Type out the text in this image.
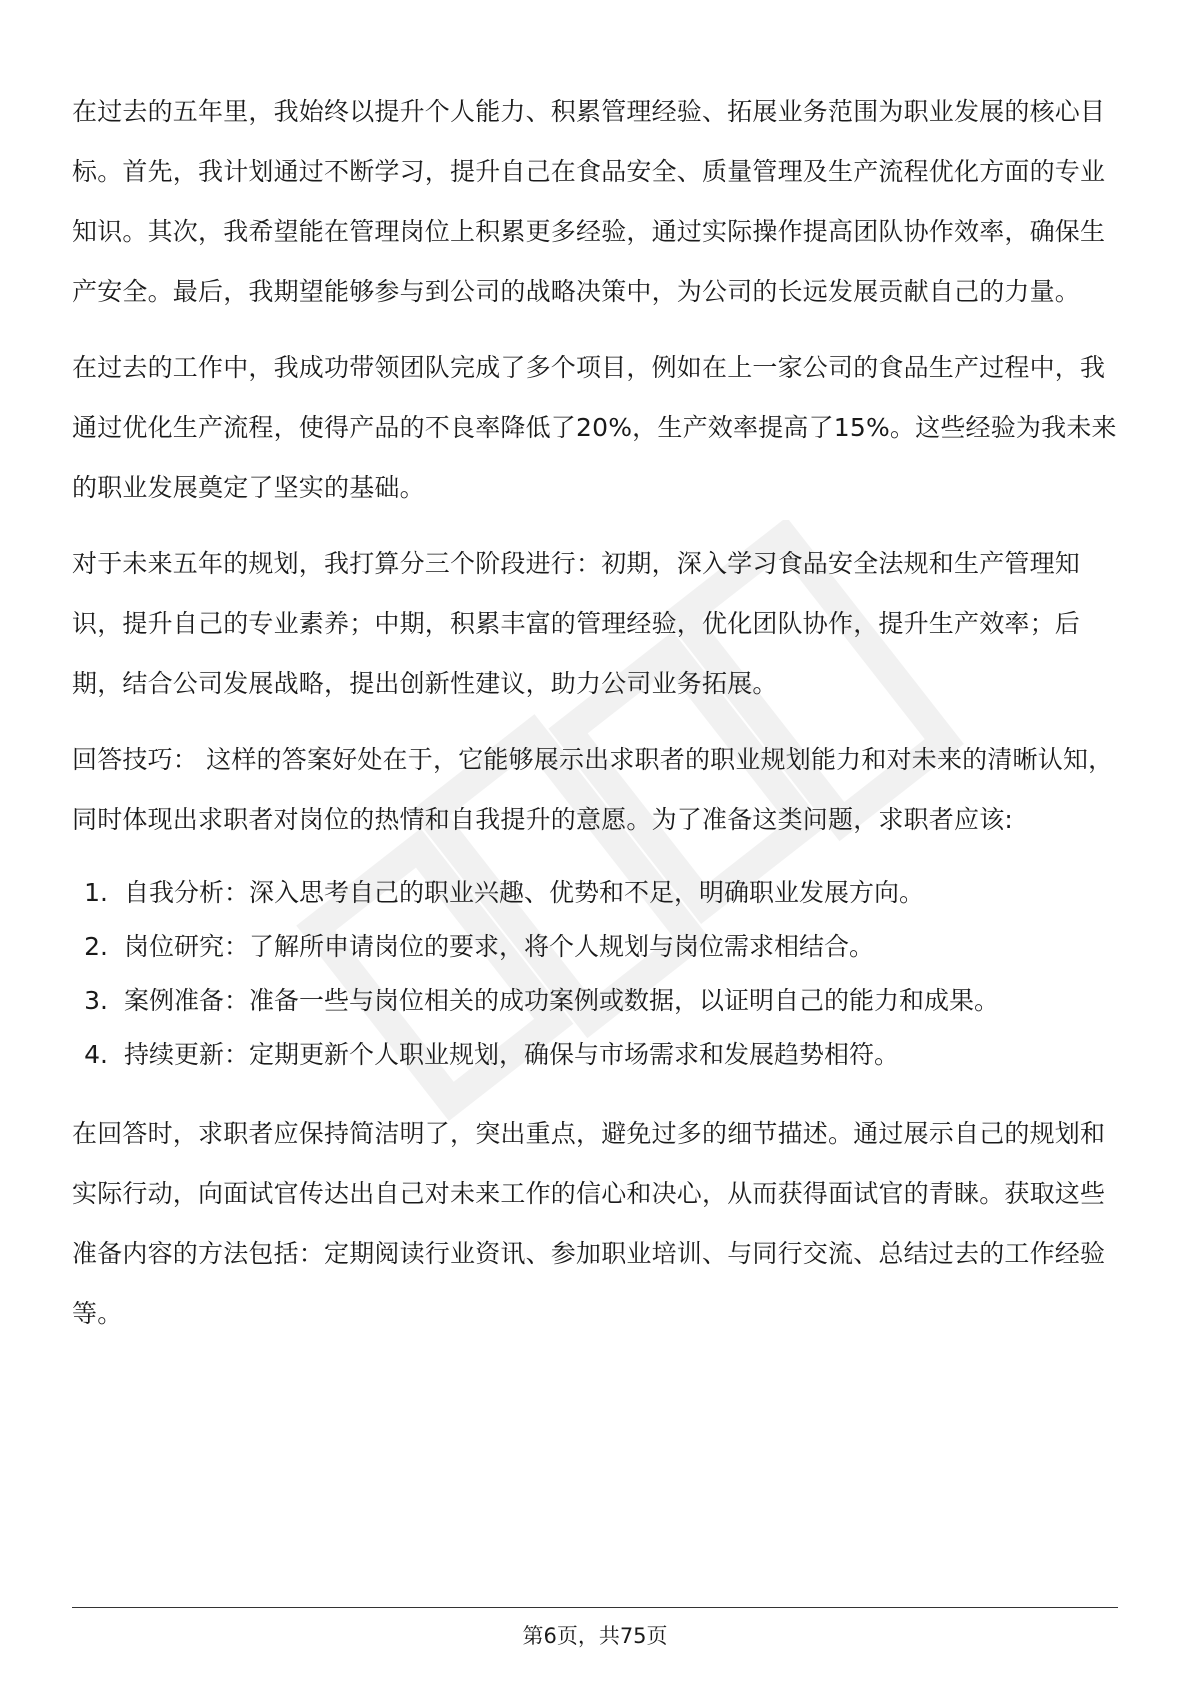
在过去的五年里，我始终以提升个人能力、积累管理经验、拓展业务范围为职业发展的核心目标。首先，我计划通过不断学习，提升自己在食品安全、质量管理及生产流程优化方面的专业知识。其次，我希望能在管理岗位上积累更多经验，通过实际操作提高团队协作效率，确保生产安全。最后，我期望能够参与到公司的战略决策中，为公司的长远发展贡献自己的力量。

在过去的工作中，我成功带领团队完成了多个项目，例如在上一家公司的食品生产过程中，我通过优化生产流程，使得产品的不良率降低了20%，生产效率提高了15%。这些经验为我未来的职业发展奠定了坚实的基础。

对于未来五年的规划，我打算分三个阶段进行：初期，深入学习食品安全法规和生产管理知识，提升自己的专业素养；中期，积累丰富的管理经验，优化团队协作，提升生产效率；后期，结合公司发展战略，提出创新性建议，助力公司业务拓展。

回答技巧： 这样的答案好处在于，它能够展示出求职者的职业规划能力和对未来的清晰认知，同时体现出求职者对岗位的热情和自我提升的意愿。为了准备这类问题，求职者应该:

1. 自我分析：深入思考自己的职业兴趣、优势和不足，明确职业发展方向。
2. 岗位研究：了解所申请岗位的要求，将个人规划与岗位需求相结合。
3. 案例准备：准备一些与岗位相关的成功案例或数据，以证明自己的能力和成果。
4. 持续更新：定期更新个人职业规划，确保与市场需求和发展趋势相符。

在回答时，求职者应保持简洁明了，突出重点，避免过多的细节描述。通过展示自己的规划和实际行动，向面试官传达出自己对未来工作的信心和决心，从而获得面试官的青睐。获取这些准备内容的方法包括：定期阅读行业资讯、参加职业培训、与同行交流、总结过去的工作经验等。

第6页，共75页
